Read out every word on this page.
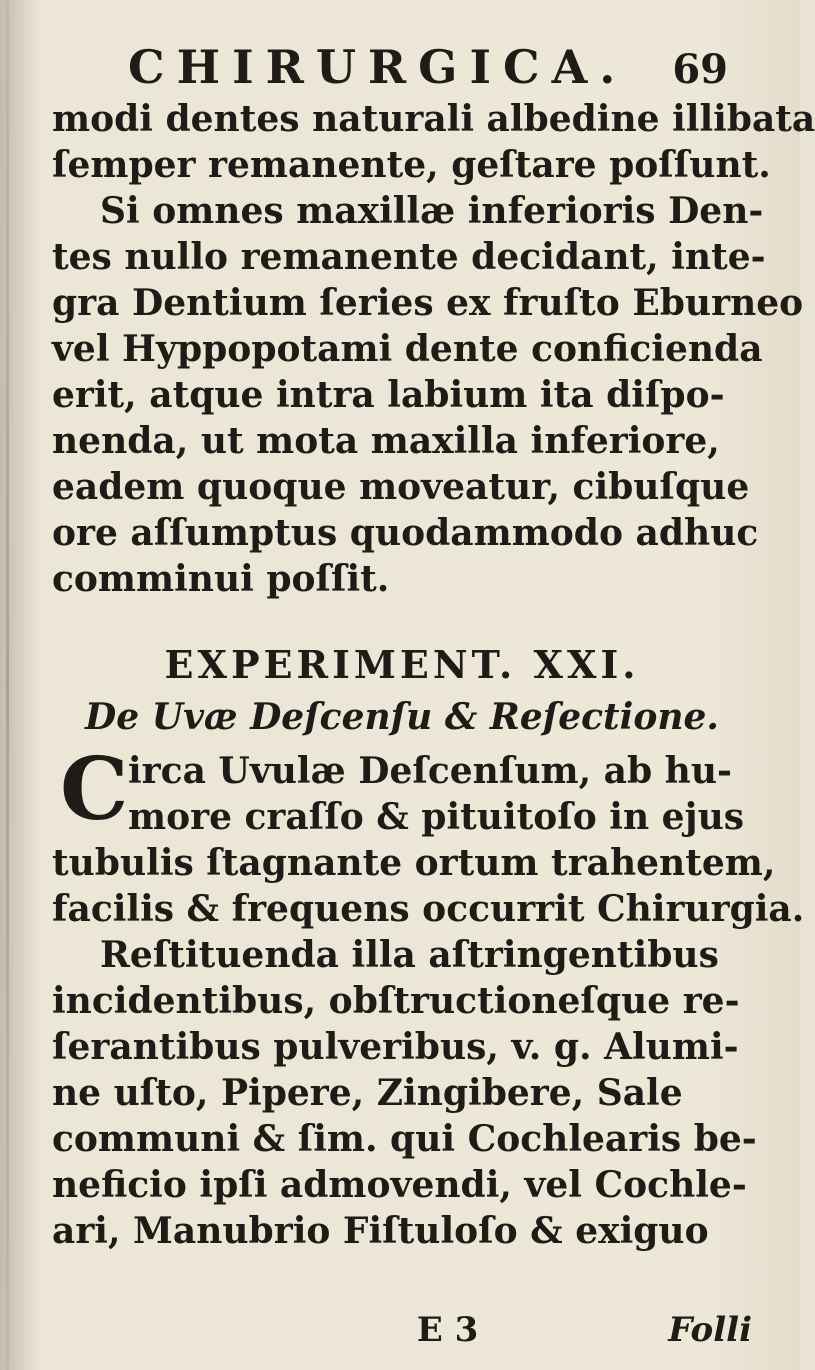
CHIRURGICA. 69
modi dentes naturali albedine illibata
ſemper remanente, geſtare poſſunt.
Si omnes maxillæ inferioris Den-
tes nullo remanente decidant, inte-
gra Dentium ſeries ex fruſto Eburneo
vel Hyppopotami dente conficienda
erit, atque intra labium ita diſpo-
nenda, ut mota maxilla inferiore,
eadem quoque moveatur, cibuſque
ore aſſumptus quodammodo adhuc
comminui poſſit.
EXPERIMENT. XXI.
De Uvæ Deſcenſu & Reſectione.
C irca Uvulæ Deſcenſum, ab hu-
more craſſo & pituitoſo in ejus
tubulis ſtagnante ortum trahentem,
facilis & frequens occurrit Chirurgia.
Reſtituenda illa aſtringentibus
incidentibus, obſtructioneſque re-
ſerantibus pulveribus, v. g. Alumi-
ne uſto, Pipere, Zingibere, Sale
communi & ſim. qui Cochlearis be-
neficio ipſi admovendi, vel Cochle-
ari, Manubrio Fiſtuloſo & exiguo
E 3	Folli
